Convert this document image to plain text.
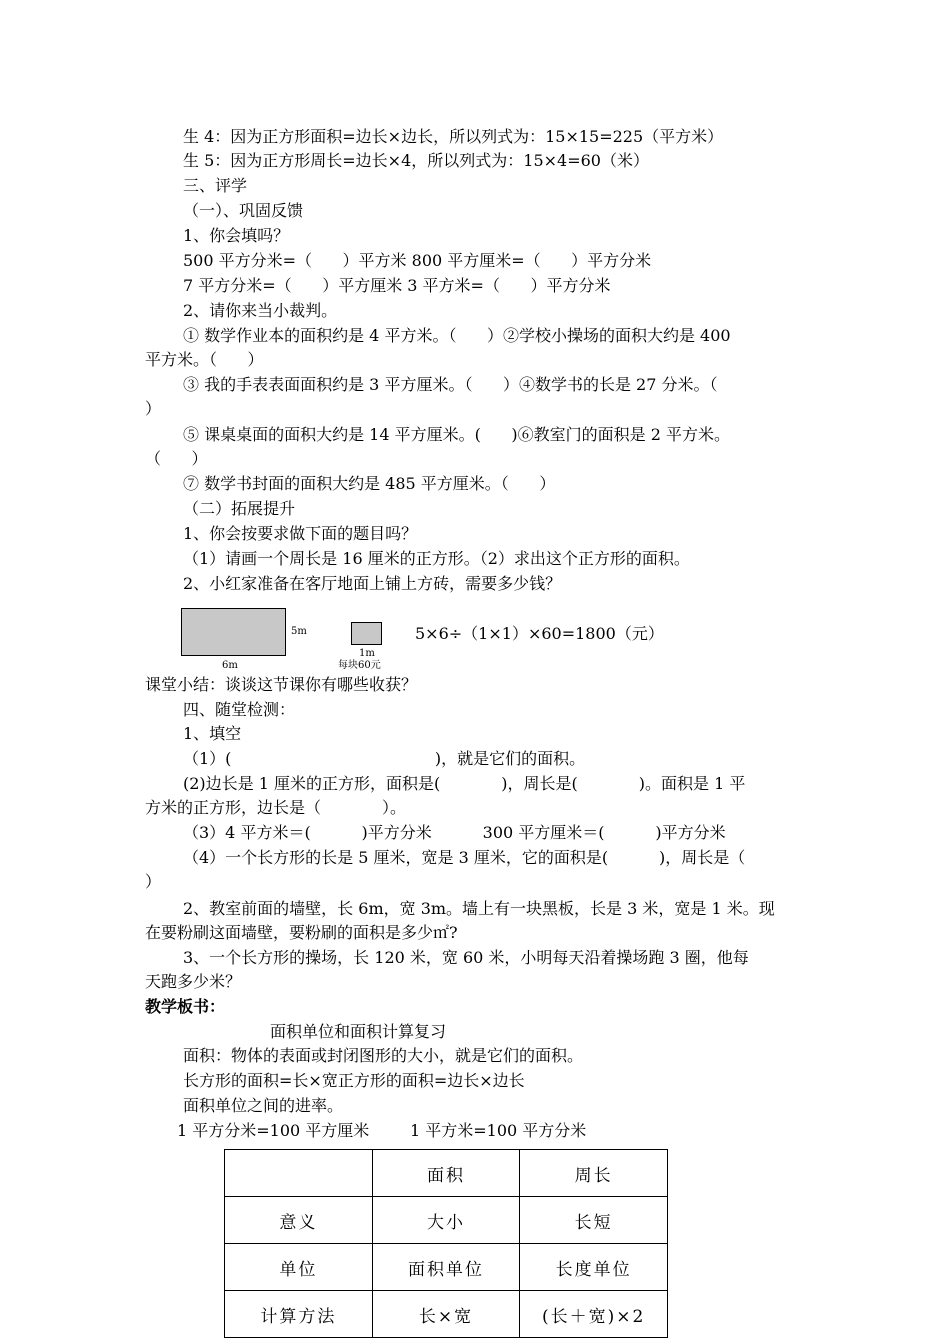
生 4：因为正方形面积=边长×边长，所以列式为：15×15=225（平方米）
生 5：因为正方形周长=边长×4，所以列式为：15×4=60（米）
三、评学
（一）、巩固反馈
1、你会填吗？
500 平方分米=（      ）平方米 800 平方厘米=（      ）平方分米
7 平方分米=（      ）平方厘米 3 平方米=（      ）平方分米
2、请你来当小裁判。
① 数学作业本的面积约是 4 平方米。（      ）②学校小操场的面积大约是 400
平方米。（      ）
③ 我的手表表面面积约是 3 平方厘米。（      ）④数学书的长是 27 分米。（
）
⑤ 课桌桌面的面积大约是 14 平方厘米。(      )⑥教室门的面积是 2 平方米。
（      ）
⑦ 数学书封面的面积大约是 485 平方厘米。（      ）
（二）拓展提升
1、你会按要求做下面的题目吗？
（1）请画一个周长是 16 厘米的正方形。（2）求出这个正方形的面积。
2、小红家准备在客厅地面上铺上方砖，需要多少钱？
5m
6m
1m
每块60元
5×6÷（1×1）×60=1800（元）
课堂小结：谈谈这节课你有哪些收获？
四、随堂检测：
1、填空
（1）(                                        )，就是它们的面积。
(2)边长是 1 厘米的正方形，面积是(            )，周长是(            )。面积是 1 平
方米的正方形，边长是（            ）。
（3）4 平方米＝(          )平方分米          300 平方厘米＝(          )平方分米
（4）一个长方形的长是 5 厘米，宽是 3 厘米，它的面积是(          )，周长是（
）
2、教室前面的墙壁，长 6m，宽 3m。墙上有一块黑板，长是 3 米，宽是 1 米。现
在要粉刷这面墙壁，要粉刷的面积是多少㎡?
3、一个长方形的操场，长 120 米，宽 60 米，小明每天沿着操场跑 3 圈，他每
天跑多少米？
教学板书：
面积单位和面积计算复习
面积：物体的表面或封闭图形的大小，就是它们的面积。
长方形的面积=长×宽正方形的面积=边长×边长
面积单位之间的进率。
1 平方分米=100 平方厘米        1 平方米=100 平方分米
	面积	周长
意义	大小	长短
单位	面积单位	长度单位
计算方法	长×宽	(长＋宽)×2
